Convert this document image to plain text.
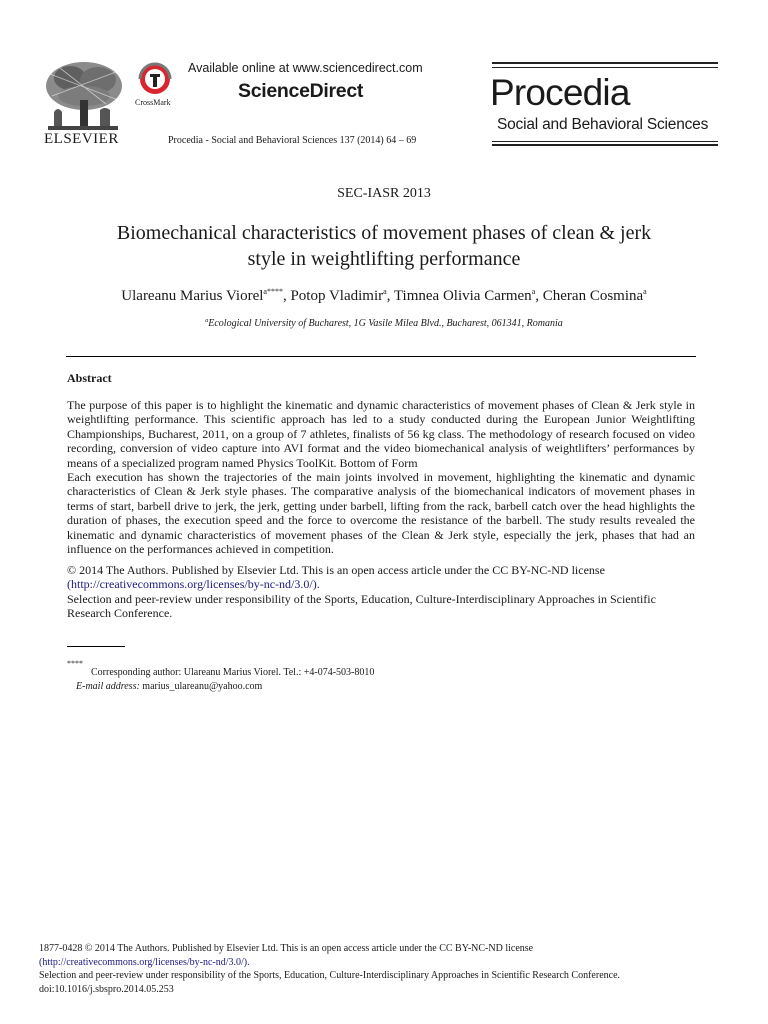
ELSEVIER
CrossMark
Available online at www.sciencedirect.com
ScienceDirect
Procedia - Social and Behavioral Sciences 137 (2014) 64 – 69
Procedia
Social and Behavioral Sciences
SEC-IASR 2013
Biomechanical characteristics of movement phases of clean & jerk
style in weightlifting performance
Ulareanu Marius Viorel$^{a****}$, Potop Vladimir$^a$, Timnea Olivia Carmen$^a$, Cheran Cosmina$^a$
$^a$Ecological University of Bucharest, 1G Vasile Milea Blvd., Bucharest, 061341, Romania
Abstract

The purpose of this paper is to highlight the kinematic and dynamic characteristics of movement phases of Clean & Jerk style in weightlifting performance. This scientific approach has led to a study conducted during the European Junior Weightlifting Championships, Bucharest, 2011, on a group of 7 athletes, finalists of 56 kg class. The methodology of research focused on video recording, conversion of video capture into AVI format and the video biomechanical analysis of weightlifters’ performances by means of a specialized program named Physics ToolKit. Bottom of Form

Each execution has shown the trajectories of the main joints involved in movement, highlighting the kinematic and dynamic characteristics of Clean & Jerk style phases. The comparative analysis of the biomechanical indicators of movement phases in terms of start, barbell drive to jerk, the jerk, getting under barbell, lifting from the rack, barbell catch over the head highlights the duration of phases, the execution speed and the force to overcome the resistance of the barbell. The study results revealed the kinematic and dynamic characteristics of movement phases of the Clean & Jerk style, especially the jerk, phases that had an influence on the performances achieved in competition.

© 2014 The Authors. Published by Elsevier Ltd. This is an open access article under the CC BY-NC-ND license

(http://creativecommons.org/licenses/by-nc-nd/3.0/).

Selection and peer-review under responsibility of the Sports, Education, Culture-Interdisciplinary Approaches in Scientific Research Conference.

****
Corresponding author: Ulareanu Marius Viorel. Tel.: +4-074-503-8010
E-mail address: marius_ulareanu@yahoo.com

1877-0428 © 2014 The Authors. Published by Elsevier Ltd. This is an open access article under the CC BY-NC-ND license

(http://creativecommons.org/licenses/by-nc-nd/3.0/).

Selection and peer-review under responsibility of the Sports, Education, Culture-Interdisciplinary Approaches in Scientific Research Conference.

doi:10.1016/j.sbspro.2014.05.253
